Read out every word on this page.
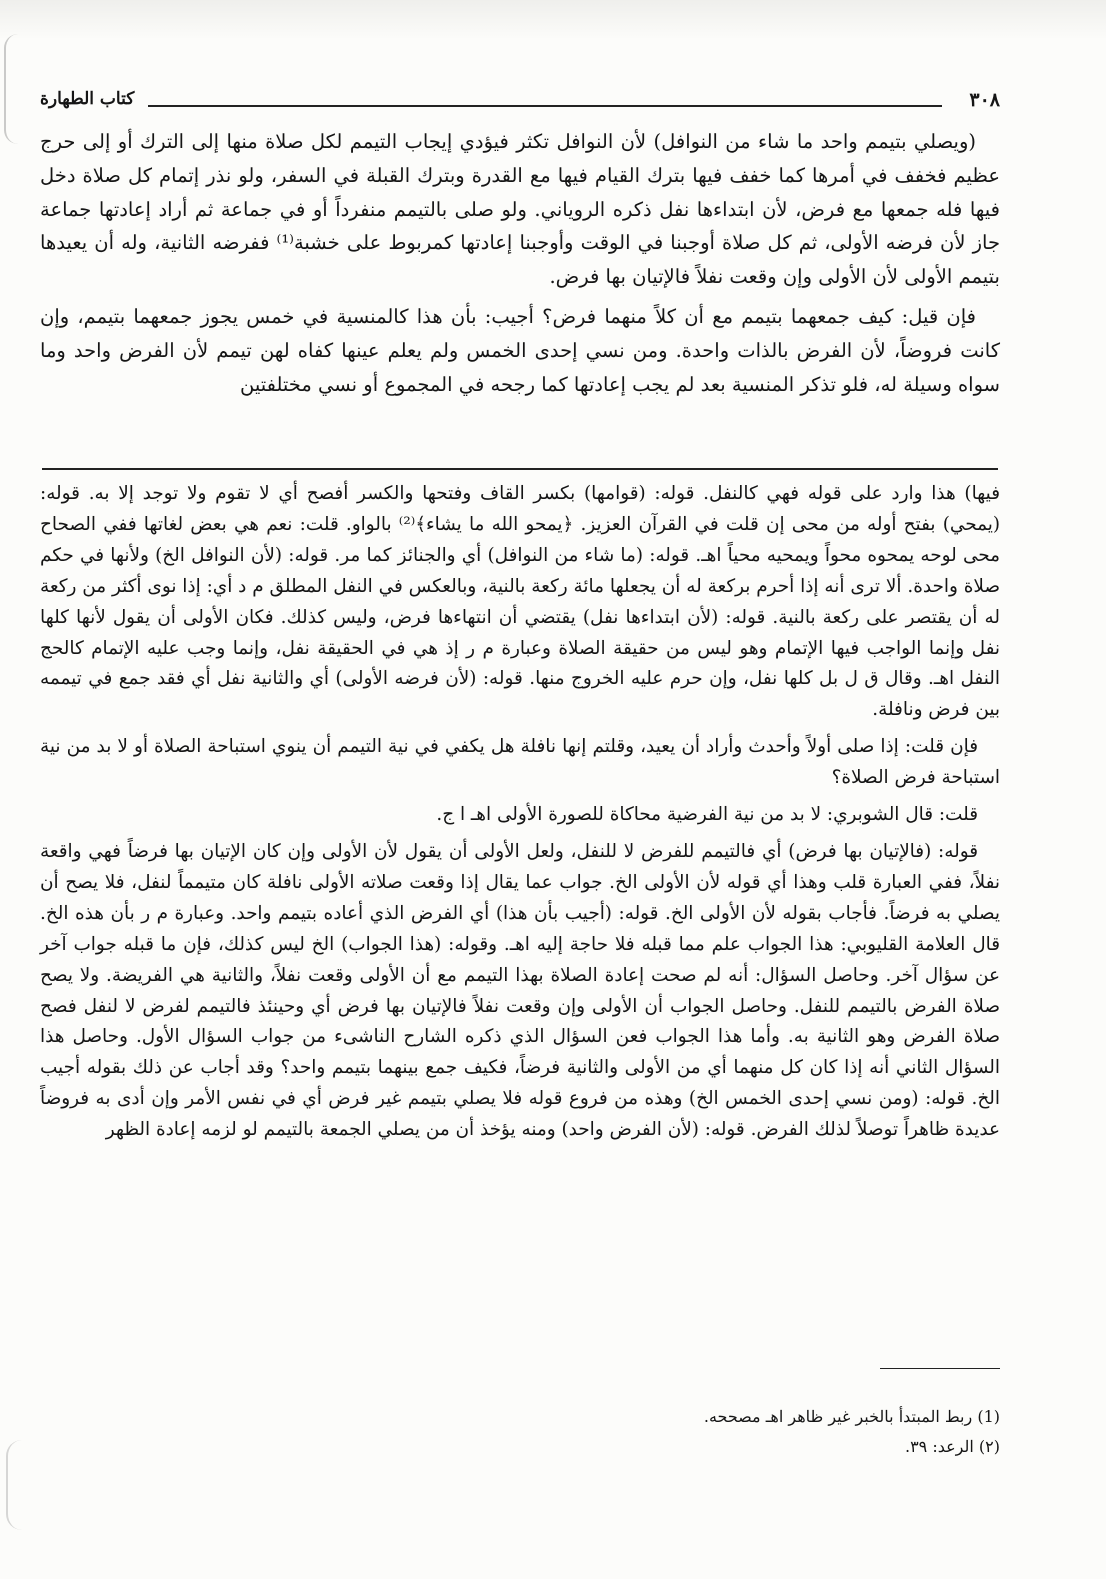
٣٠٨
كتاب الطهارة

(ويصلي بتيمم واحد ما شاء من النوافل) لأن النوافل تكثر فيؤدي إيجاب التيمم لكل صلاة منها إلى الترك أو إلى حرج عظيم فخفف في أمرها كما خفف فيها بترك القيام فيها مع القدرة وبترك القبلة في السفر، ولو نذر إتمام كل صلاة دخل فيها فله جمعها مع فرض، لأن ابتداءها نفل ذكره الروياني. ولو صلى بالتيمم منفرداً أو في جماعة ثم أراد إعادتها جماعة جاز لأن فرضه الأولى، ثم كل صلاة أوجبنا في الوقت وأوجبنا إعادتها كمربوط على خشبة⁽¹⁾ ففرضه الثانية، وله أن يعيدها بتيمم الأولى لأن الأولى وإن وقعت نفلاً فالإتيان بها فرض.

فإن قيل: كيف جمعهما بتيمم مع أن كلاً منهما فرض؟ أجيب: بأن هذا كالمنسية في خمس يجوز جمعهما بتيمم، وإن كانت فروضاً، لأن الفرض بالذات واحدة. ومن نسي إحدى الخمس ولم يعلم عينها كفاه لهن تيمم لأن الفرض واحد وما سواه وسيلة له، فلو تذكر المنسية بعد لم يجب إعادتها كما رجحه في المجموع أو نسي مختلفتين

فيها) هذا وارد على قوله فهي كالنفل. قوله: (قوامها) بكسر القاف وفتحها والكسر أفصح أي لا تقوم ولا توجد إلا به. قوله: (يمحي) بفتح أوله من محى إن قلت في القرآن العزيز. ﴿يمحو الله ما يشاء﴾⁽²⁾ بالواو. قلت: نعم هي بعض لغاتها ففي الصحاح محى لوحه يمحوه محواً ويمحيه محياً اهـ. قوله: (ما شاء من النوافل) أي والجنائز كما مر. قوله: (لأن النوافل الخ) ولأنها في حكم صلاة واحدة. ألا ترى أنه إذا أحرم بركعة له أن يجعلها مائة ركعة بالنية، وبالعكس في النفل المطلق م د أي: إذا نوى أكثر من ركعة له أن يقتصر على ركعة بالنية. قوله: (لأن ابتداءها نفل) يقتضي أن انتهاءها فرض، وليس كذلك. فكان الأولى أن يقول لأنها كلها نفل وإنما الواجب فيها الإتمام وهو ليس من حقيقة الصلاة وعبارة م ر إذ هي في الحقيقة نفل، وإنما وجب عليه الإتمام كالحج النفل اهـ. وقال ق ل بل كلها نفل، وإن حرم عليه الخروج منها. قوله: (لأن فرضه الأولى) أي والثانية نفل أي فقد جمع في تيممه بين فرض ونافلة.

فإن قلت: إذا صلى أولاً وأحدث وأراد أن يعيد، وقلتم إنها نافلة هل يكفي في نية التيمم أن ينوي استباحة الصلاة أو لا بد من نية استباحة فرض الصلاة؟

قلت: قال الشوبري: لا بد من نية الفرضية محاكاة للصورة الأولى اهـ ا ج.

قوله: (فالإتيان بها فرض) أي فالتيمم للفرض لا للنفل، ولعل الأولى أن يقول لأن الأولى وإن كان الإتيان بها فرضاً فهي واقعة نفلاً، ففي العبارة قلب وهذا أي قوله لأن الأولى الخ. جواب عما يقال إذا وقعت صلاته الأولى نافلة كان متيمماً لنفل، فلا يصح أن يصلي به فرضاً. فأجاب بقوله لأن الأولى الخ. قوله: (أجيب بأن هذا) أي الفرض الذي أعاده بتيمم واحد. وعبارة م ر بأن هذه الخ. قال العلامة القليوبي: هذا الجواب علم مما قبله فلا حاجة إليه اهـ. وقوله: (هذا الجواب) الخ ليس كذلك، فإن ما قبله جواب آخر عن سؤال آخر. وحاصل السؤال: أنه لم صحت إعادة الصلاة بهذا التيمم مع أن الأولى وقعت نفلاً، والثانية هي الفريضة. ولا يصح صلاة الفرض بالتيمم للنفل. وحاصل الجواب أن الأولى وإن وقعت نفلاً فالإتيان بها فرض أي وحينئذ فالتيمم لفرض لا لنفل فصح صلاة الفرض وهو الثانية به. وأما هذا الجواب فعن السؤال الذي ذكره الشارح الناشىء من جواب السؤال الأول. وحاصل هذا السؤال الثاني أنه إذا كان كل منهما أي من الأولى والثانية فرضاً، فكيف جمع بينهما بتيمم واحد؟ وقد أجاب عن ذلك بقوله أجيب الخ. قوله: (ومن نسي إحدى الخمس الخ) وهذه من فروع قوله فلا يصلي بتيمم غير فرض أي في نفس الأمر وإن أدى به فروضاً عديدة ظاهراً توصلاً لذلك الفرض. قوله: (لأن الفرض واحد) ومنه يؤخذ أن من يصلي الجمعة بالتيمم لو لزمه إعادة الظهر

(1) ربط المبتدأ بالخبر غير ظاهر اهـ مصححه.

(٢) الرعد: ٣٩.
